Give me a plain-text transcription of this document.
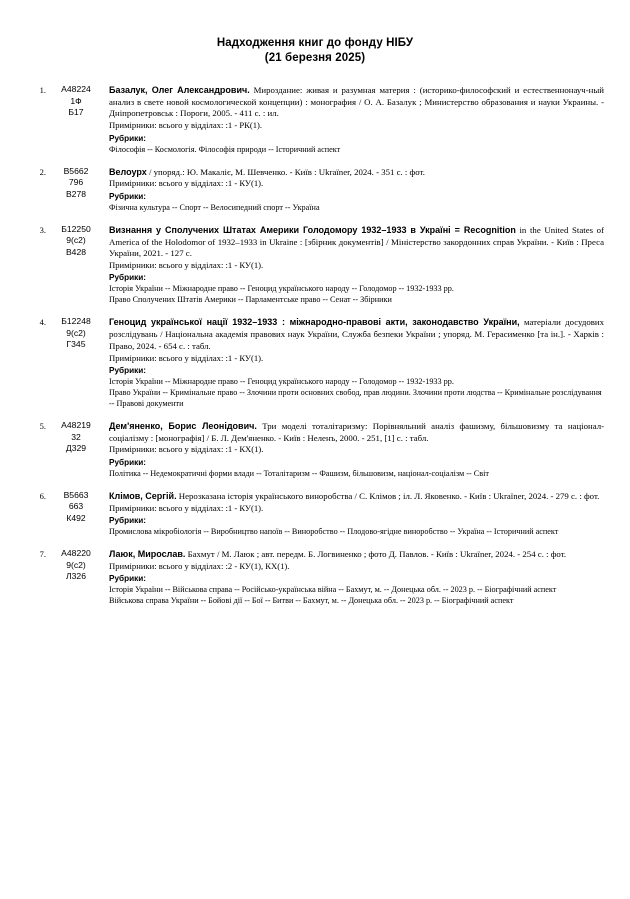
Надходження книг до фонду НІБУ
(21 березня 2025)
1.	A48224
1Ф
Б17
Базалук, Олег Александрович. Мироздание: живая и разумная материя : (историко-философский и естественнонауч-ный анализ в свете новой космологической концепции) : монография / О. А. Базалук ; Министерство образования и науки Украины. - Днiпропетровськ : Пороги, 2005. - 411 с. : ил.
Примірники: всього у відділах: :1 - РК(1).
Рубрики:
Філософія -- Космологія. Філософія природи -- Історичний аспект
2.	В5662
796
В278
Велоурх / упоряд.: Ю. Макаліє, М. Шевченко. - Київ : Ukraїner, 2024. - 351 с. : фот.
Примірники: всього у відділах: :1 - КУ(1).
Рубрики:
Фізична культура -- Спорт -- Велосипедний спорт -- Україна
3.	Б12250
9(с2)
В428
Визнання у Сполучених Штатах Америки Голодомору 1932–1933 в Україні = Recognition in the United States of America of the Holodomor of 1932–1933 in Ukraine : [збірник документів] / Міністерство закордонних справ України. - Київ : Преса України, 2021. - 127 с.
Примірники: всього у відділах: :1 - КУ(1).
Рубрики:
Історія України -- Міжнародне право -- Геноцид українського народу -- Голодомор -- 1932-1933 рр.
Право Сполучених Штатів Америки -- Парламентське право -- Сенат -- Збірники
4.	Б12248
9(с2)
Г345
Геноцид української нації 1932–1933 : міжнародно-правові акти, законодавство України, матеріали досудових розслідувань / Національна академія правових наук України, Служба безпеки України ; упоряд. М. Герасименко [та ін.]. - Харків : Право, 2024. - 654 с. : табл.
Примірники: всього у відділах: :1 - КУ(1).
Рубрики:
Історія України -- Міжнародне право -- Геноцид українського народу -- Голодомор -- 1932-1933 рр.
Право України -- Кримінальне право -- Злочини проти основних свобод, прав людини. Злочини проти людства -- Кримінальне розслідування -- Правові документи
5.	A48219
32
Д329
Дем'яненко, Борис Леонідович. Три моделі тоталітаризму: Порівняльний аналіз фашизму, більшовизму та націонал-соціалізму : [монографія] / Б. Л. Дем'яненко. - Київ : Неленъ, 2000. - 251, [1] с. : табл.
Примірники: всього у відділах: :1 - КХ(1).
Рубрики:
Політика -- Недемократичні форми влади -- Тоталітаризм -- Фашизм, більшовизм, націонал-соціалізм -- Світ
6.	В5663
663
К492
Клімов, Сергій. Нерозказана історія українського виноробства / С. Клімов ; іл. Л. Яковенко. - Київ : Ukraїner, 2024. - 279 с. : фот.
Примірники: всього у відділах: :1 - КУ(1).
Рубрики:
Промислова мікробіологія -- Виробництво напоїв -- Виноробство -- Плодово-ягідне виноробство -- Україна -- Історичний аспект
7.	A48220
9(с2)
Л326
Лаюк, Мирослав. Бахмут / М. Лаюк ; авт. передм. Б. Логвиненко ; фото Д. Павлов. - Київ : Ukraїner, 2024. - 254 с. : фот.
Примірники: всього у відділах: :2 - КУ(1), КХ(1).
Рубрики:
Історія України -- Військова справа -- Російсько-українська війна -- Бахмут, м. -- Донецька обл. -- 2023 р. -- Біографічний аспект
Військова справа України -- Бойові дії -- Бої -- Битви -- Бахмут, м. -- Донецька обл. -- 2023 р. -- Біографічний аспект
